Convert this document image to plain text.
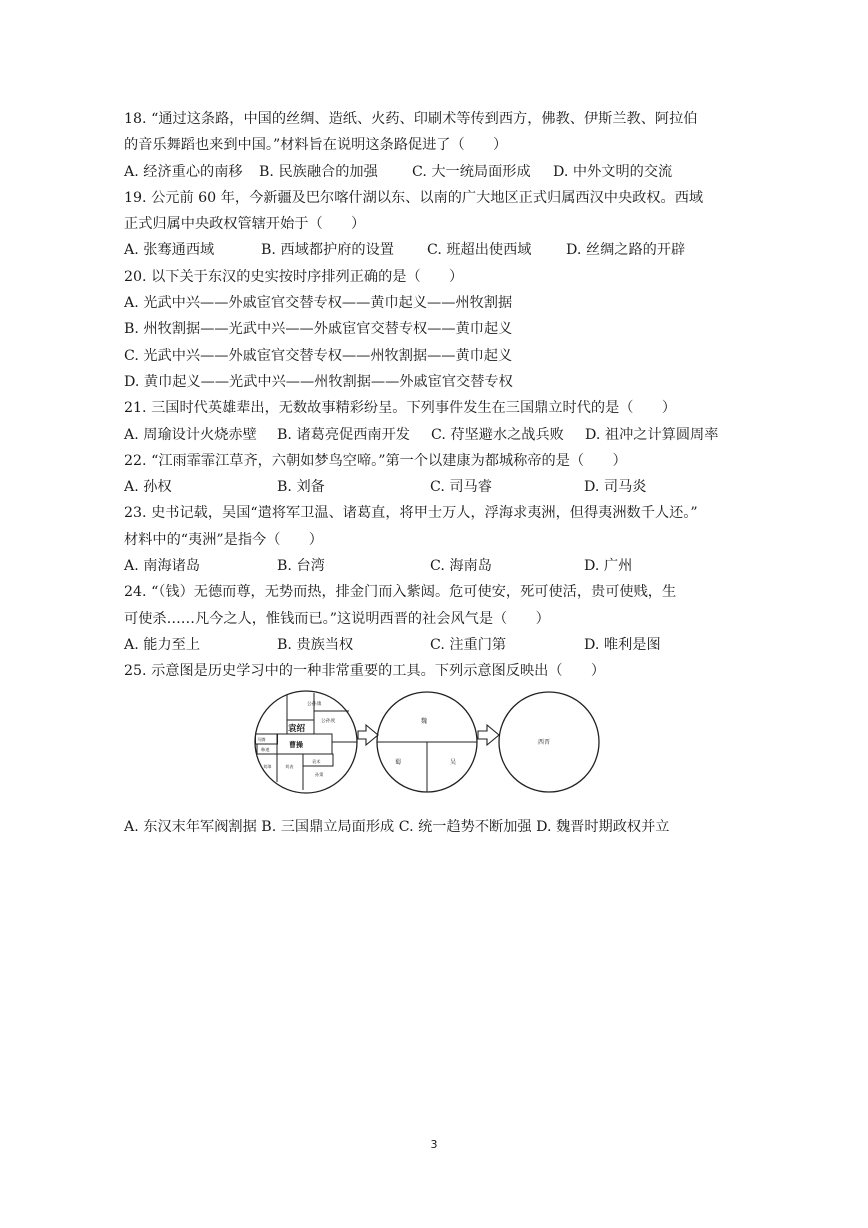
18. “通过这条路，中国的丝绸、造纸、火药、印刷术等传到西方，佛教、伊斯兰教、阿拉伯
的音乐舞蹈也来到中国。”材料旨在说明这条路促进了（　　）
A. 经济重心的南移	B. 民族融合的加强	C. 大一统局面形成	D. 中外文明的交流
19. 公元前 60 年，今新疆及巴尔喀什湖以东、以南的广大地区正式归属西汉中央政权。西域
正式归属中央政权管辖开始于（　　）
A. 张骞通西域	B. 西域都护府的设置	C. 班超出使西域	D. 丝绸之路的开辟
20. 以下关于东汉的史实按时序排列正确的是（　　）
A. 光武中兴——外戚宦官交替专权——黄巾起义——州牧割据
B. 州牧割据——光武中兴——外戚宦官交替专权——黄巾起义
C. 光武中兴——外戚宦官交替专权——州牧割据——黄巾起义
D. 黄巾起义——光武中兴——州牧割据——外戚宦官交替专权
21. 三国时代英雄辈出，无数故事精彩纷呈。下列事件发生在三国鼎立时代的是（　　）
A. 周瑜设计火烧赤壁	B. 诸葛亮促西南开发	C. 苻坚避水之战兵败	D. 祖冲之计算圆周率
22. “江雨霏霏江草齐，六朝如梦鸟空啼。”第一个以建康为都城称帝的是（　　）
A. 孙权	B. 刘备	C. 司马睿	D. 司马炎
23. 史书记载，吴国“遣将军卫温、诸葛直，将甲士万人，浮海求夷洲，但得夷洲数千人还。”
材料中的“夷洲”是指今（　　）
A. 南海诸岛	B. 台湾	C. 海南岛	D. 广州
24. “（钱）无德而尊，无势而热，排金门而入紫闼。危可使安，死可使活，贵可使贱，生
可使杀……凡今之人，惟钱而已。”这说明西晋的社会风气是（　　）
A. 能力至上	B. 贵族当权	C. 注重门第	D. 唯利是图
25. 示意图是历史学习中的一种非常重要的工具。下列示意图反映出（　　）
公孙康
公孙度
袁绍
马腾
韩遂
曹操
刘璋	刘表
袁术
孙策
魏
蜀	吴
西晋
A. 东汉末年军阀割据 B. 三国鼎立局面形成 C. 统一趋势不断加强 D. 魏晋时期政权并立
3
